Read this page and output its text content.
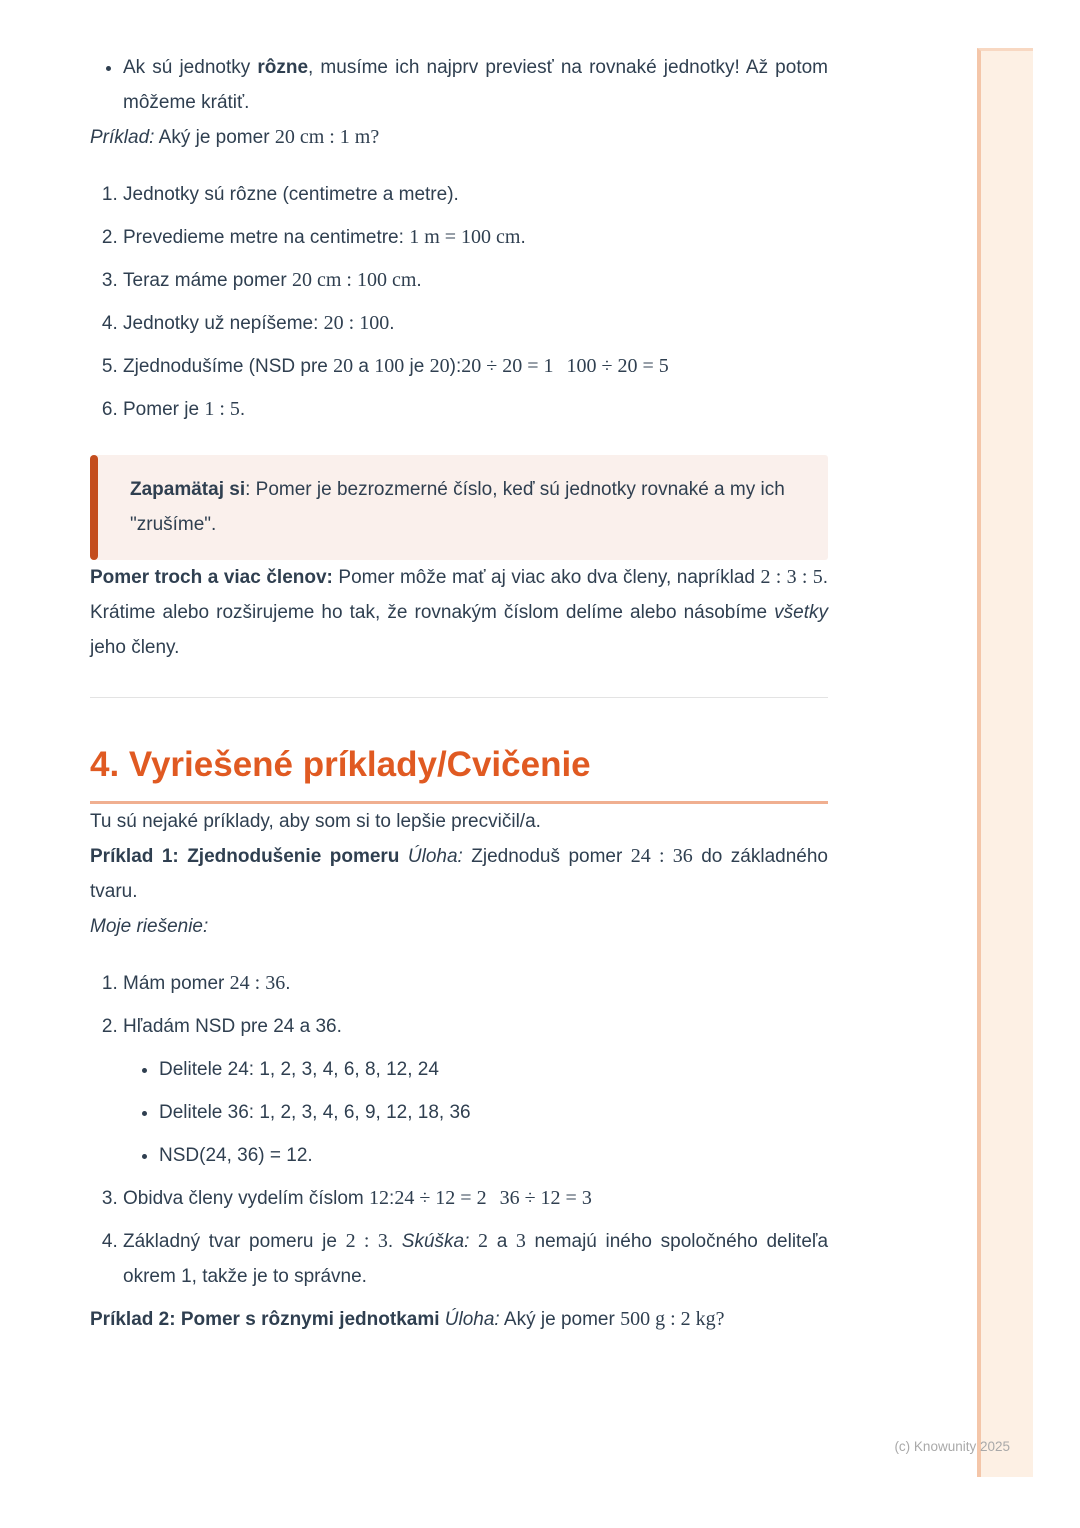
(c) Knowunity 2025
• Ak sú jednotky rôzne, musíme ich najprv previesť na rovnaké jednotky! Až potom môžeme krátiť.

Príklad: Aký je pomer 20 cm : 1 m?

1. Jednotky sú rôzne (centimetre a metre).
2. Prevedieme metre na centimetre: 1 m = 100 cm.
3. Teraz máme pomer 20 cm : 100 cm.
4. Jednotky už nepíšeme: 20 : 100.
5. Zjednodušíme (NSD pre 20 a 100 je 20):20 ÷ 20 = 1 100 ÷ 20 = 5
6. Pomer je 1 : 5.

Zapamätaj si: Pomer je bezrozmerné číslo, keď sú jednotky rovnaké a my ich "zrušíme".

Pomer troch a viac členov: Pomer môže mať aj viac ako dva členy, napríklad 2 : 3 : 5. Krátime alebo rozširujeme ho tak, že rovnakým číslom delíme alebo násobíme všetky jeho členy.

4. Vyriešené príklady/Cvičenie

Tu sú nejaké príklady, aby som si to lepšie precvičil/a.

Príklad 1: Zjednodušenie pomeru Úloha: Zjednoduš pomer 24 : 36 do základného tvaru.

Moje riešenie:

1. Mám pomer 24 : 36.
2. Hľadám NSD pre 24 a 36.
• Delitele 24: 1, 2, 3, 4, 6, 8, 12, 24
• Delitele 36: 1, 2, 3, 4, 6, 9, 12, 18, 36
• NSD(24, 36) = 12.
3. Obidva členy vydelím číslom 12:24 ÷ 12 = 2 36 ÷ 12 = 3
4. Základný tvar pomeru je 2 : 3. Skúška: 2 a 3 nemajú iného spoločného deliteľa okrem 1, takže je to správne.

Príklad 2: Pomer s rôznymi jednotkami Úloha: Aký je pomer 500 g : 2 kg?
